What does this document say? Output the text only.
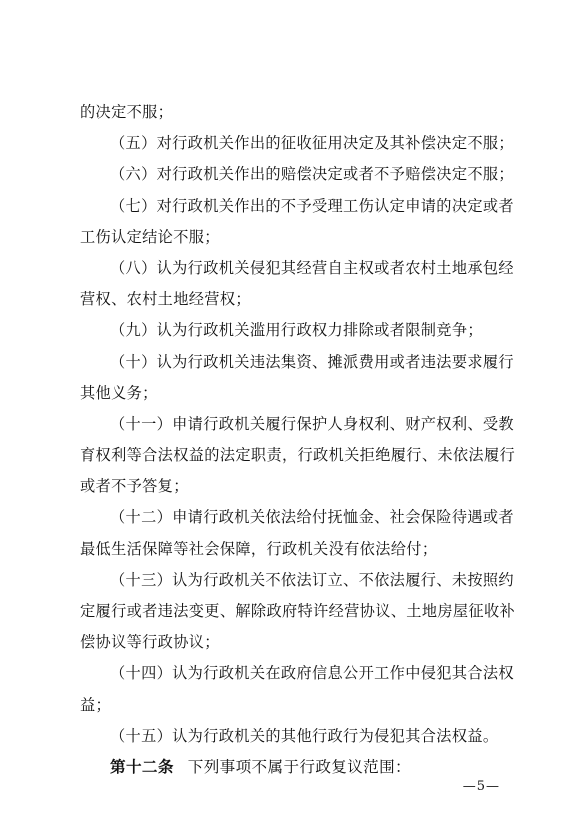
的决定不服；
（五）对行政机关作出的征收征用决定及其补偿决定不服；
（六）对行政机关作出的赔偿决定或者不予赔偿决定不服；
（七）对行政机关作出的不予受理工伤认定申请的决定或者
工伤认定结论不服；
（八）认为行政机关侵犯其经营自主权或者农村土地承包经
营权、农村土地经营权；
（九）认为行政机关滥用行政权力排除或者限制竞争；
（十）认为行政机关违法集资、摊派费用或者违法要求履行
其他义务；
（十一）申请行政机关履行保护人身权利、财产权利、受教
育权利等合法权益的法定职责，行政机关拒绝履行、未依法履行
或者不予答复；
（十二）申请行政机关依法给付抚恤金、社会保险待遇或者
最低生活保障等社会保障，行政机关没有依法给付；
（十三）认为行政机关不依法订立、不依法履行、未按照约
定履行或者违法变更、解除政府特许经营协议、土地房屋征收补
偿协议等行政协议；
（十四）认为行政机关在政府信息公开工作中侵犯其合法权
益；
（十五）认为行政机关的其他行政行为侵犯其合法权益。
第十二条 下列事项不属于行政复议范围：
—5—
